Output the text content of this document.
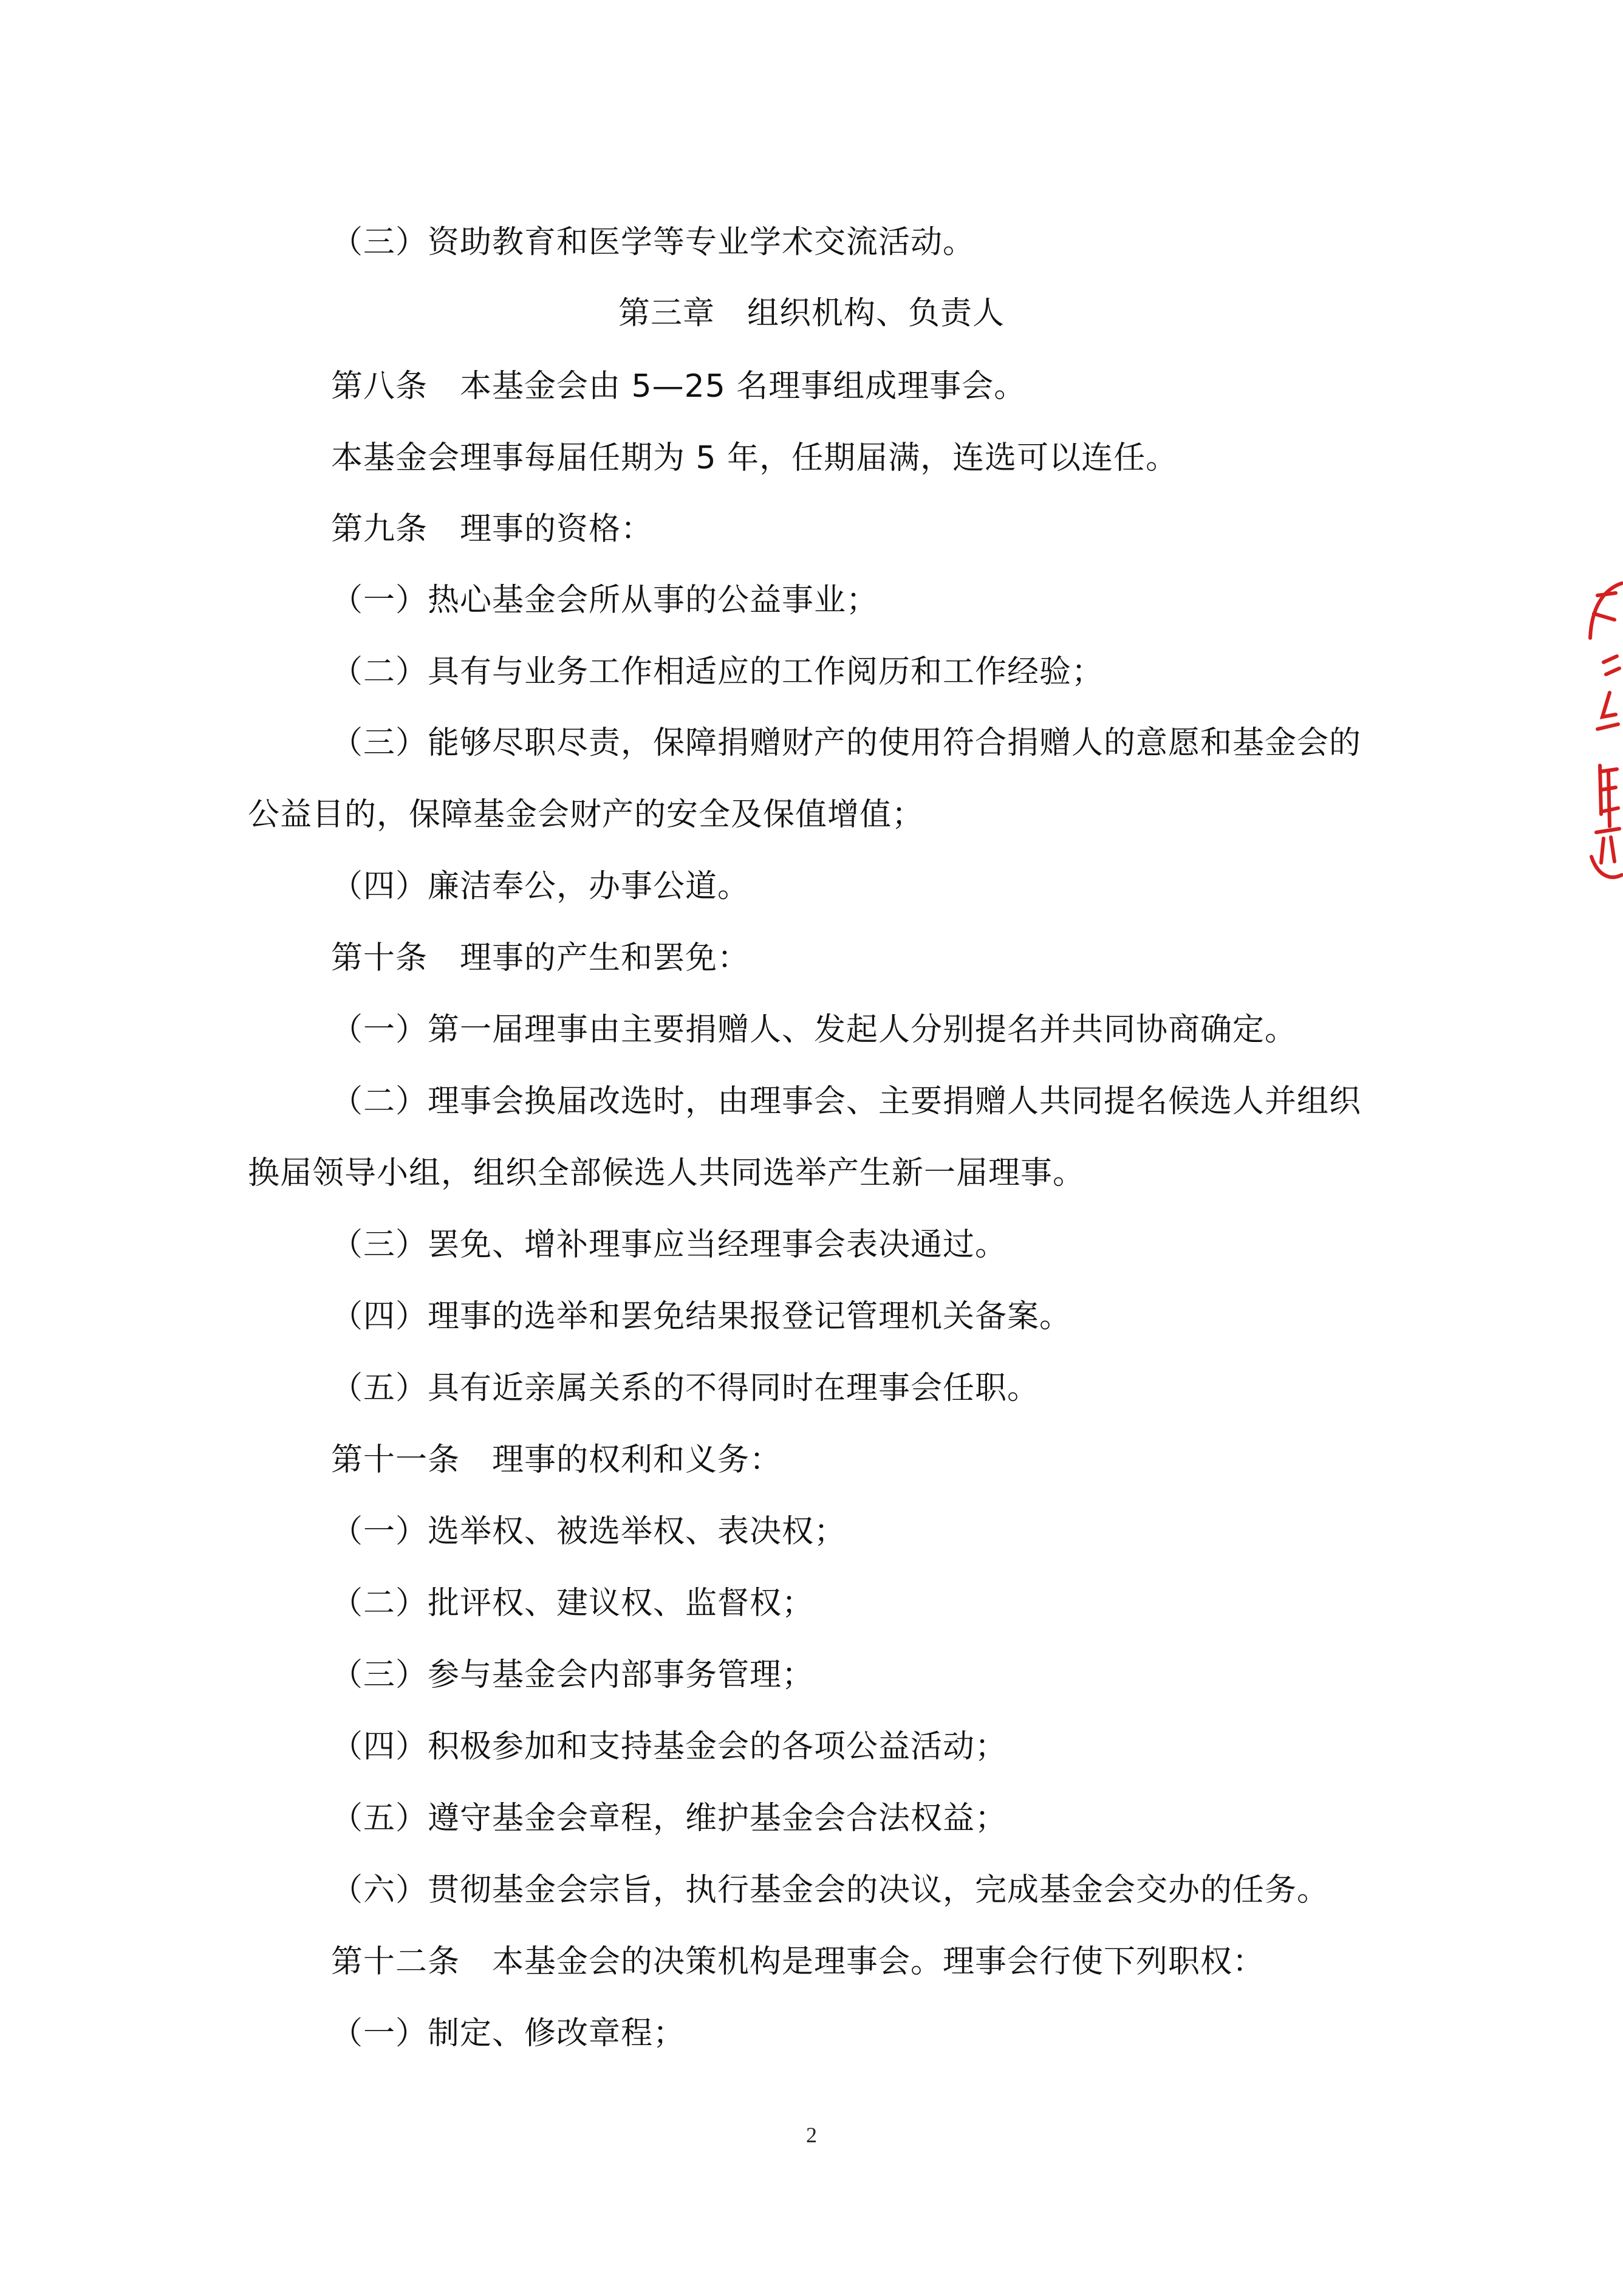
（三）资助教育和医学等专业学术交流活动。
第三章　组织机构、负责人
第八条　本基金会由 5—25 名理事组成理事会。
本基金会理事每届任期为 5 年，任期届满，连选可以连任。
第九条　理事的资格：
（一）热心基金会所从事的公益事业；
（二）具有与业务工作相适应的工作阅历和工作经验；
（三）能够尽职尽责，保障捐赠财产的使用符合捐赠人的意愿和基金会的
公益目的，保障基金会财产的安全及保值增值；
（四）廉洁奉公，办事公道。
第十条　理事的产生和罢免：
（一）第一届理事由主要捐赠人、发起人分别提名并共同协商确定。
（二）理事会换届改选时，由理事会、主要捐赠人共同提名候选人并组织
换届领导小组，组织全部候选人共同选举产生新一届理事。
（三）罢免、增补理事应当经理事会表决通过。
（四）理事的选举和罢免结果报登记管理机关备案。
（五）具有近亲属关系的不得同时在理事会任职。
第十一条　理事的权利和义务：
（一）选举权、被选举权、表决权；
（二）批评权、建议权、监督权；
（三）参与基金会内部事务管理；
（四）积极参加和支持基金会的各项公益活动；
（五）遵守基金会章程，维护基金会合法权益；
（六）贯彻基金会宗旨，执行基金会的决议，完成基金会交办的任务。
第十二条　本基金会的决策机构是理事会。理事会行使下列职权：
（一）制定、修改章程；
2
